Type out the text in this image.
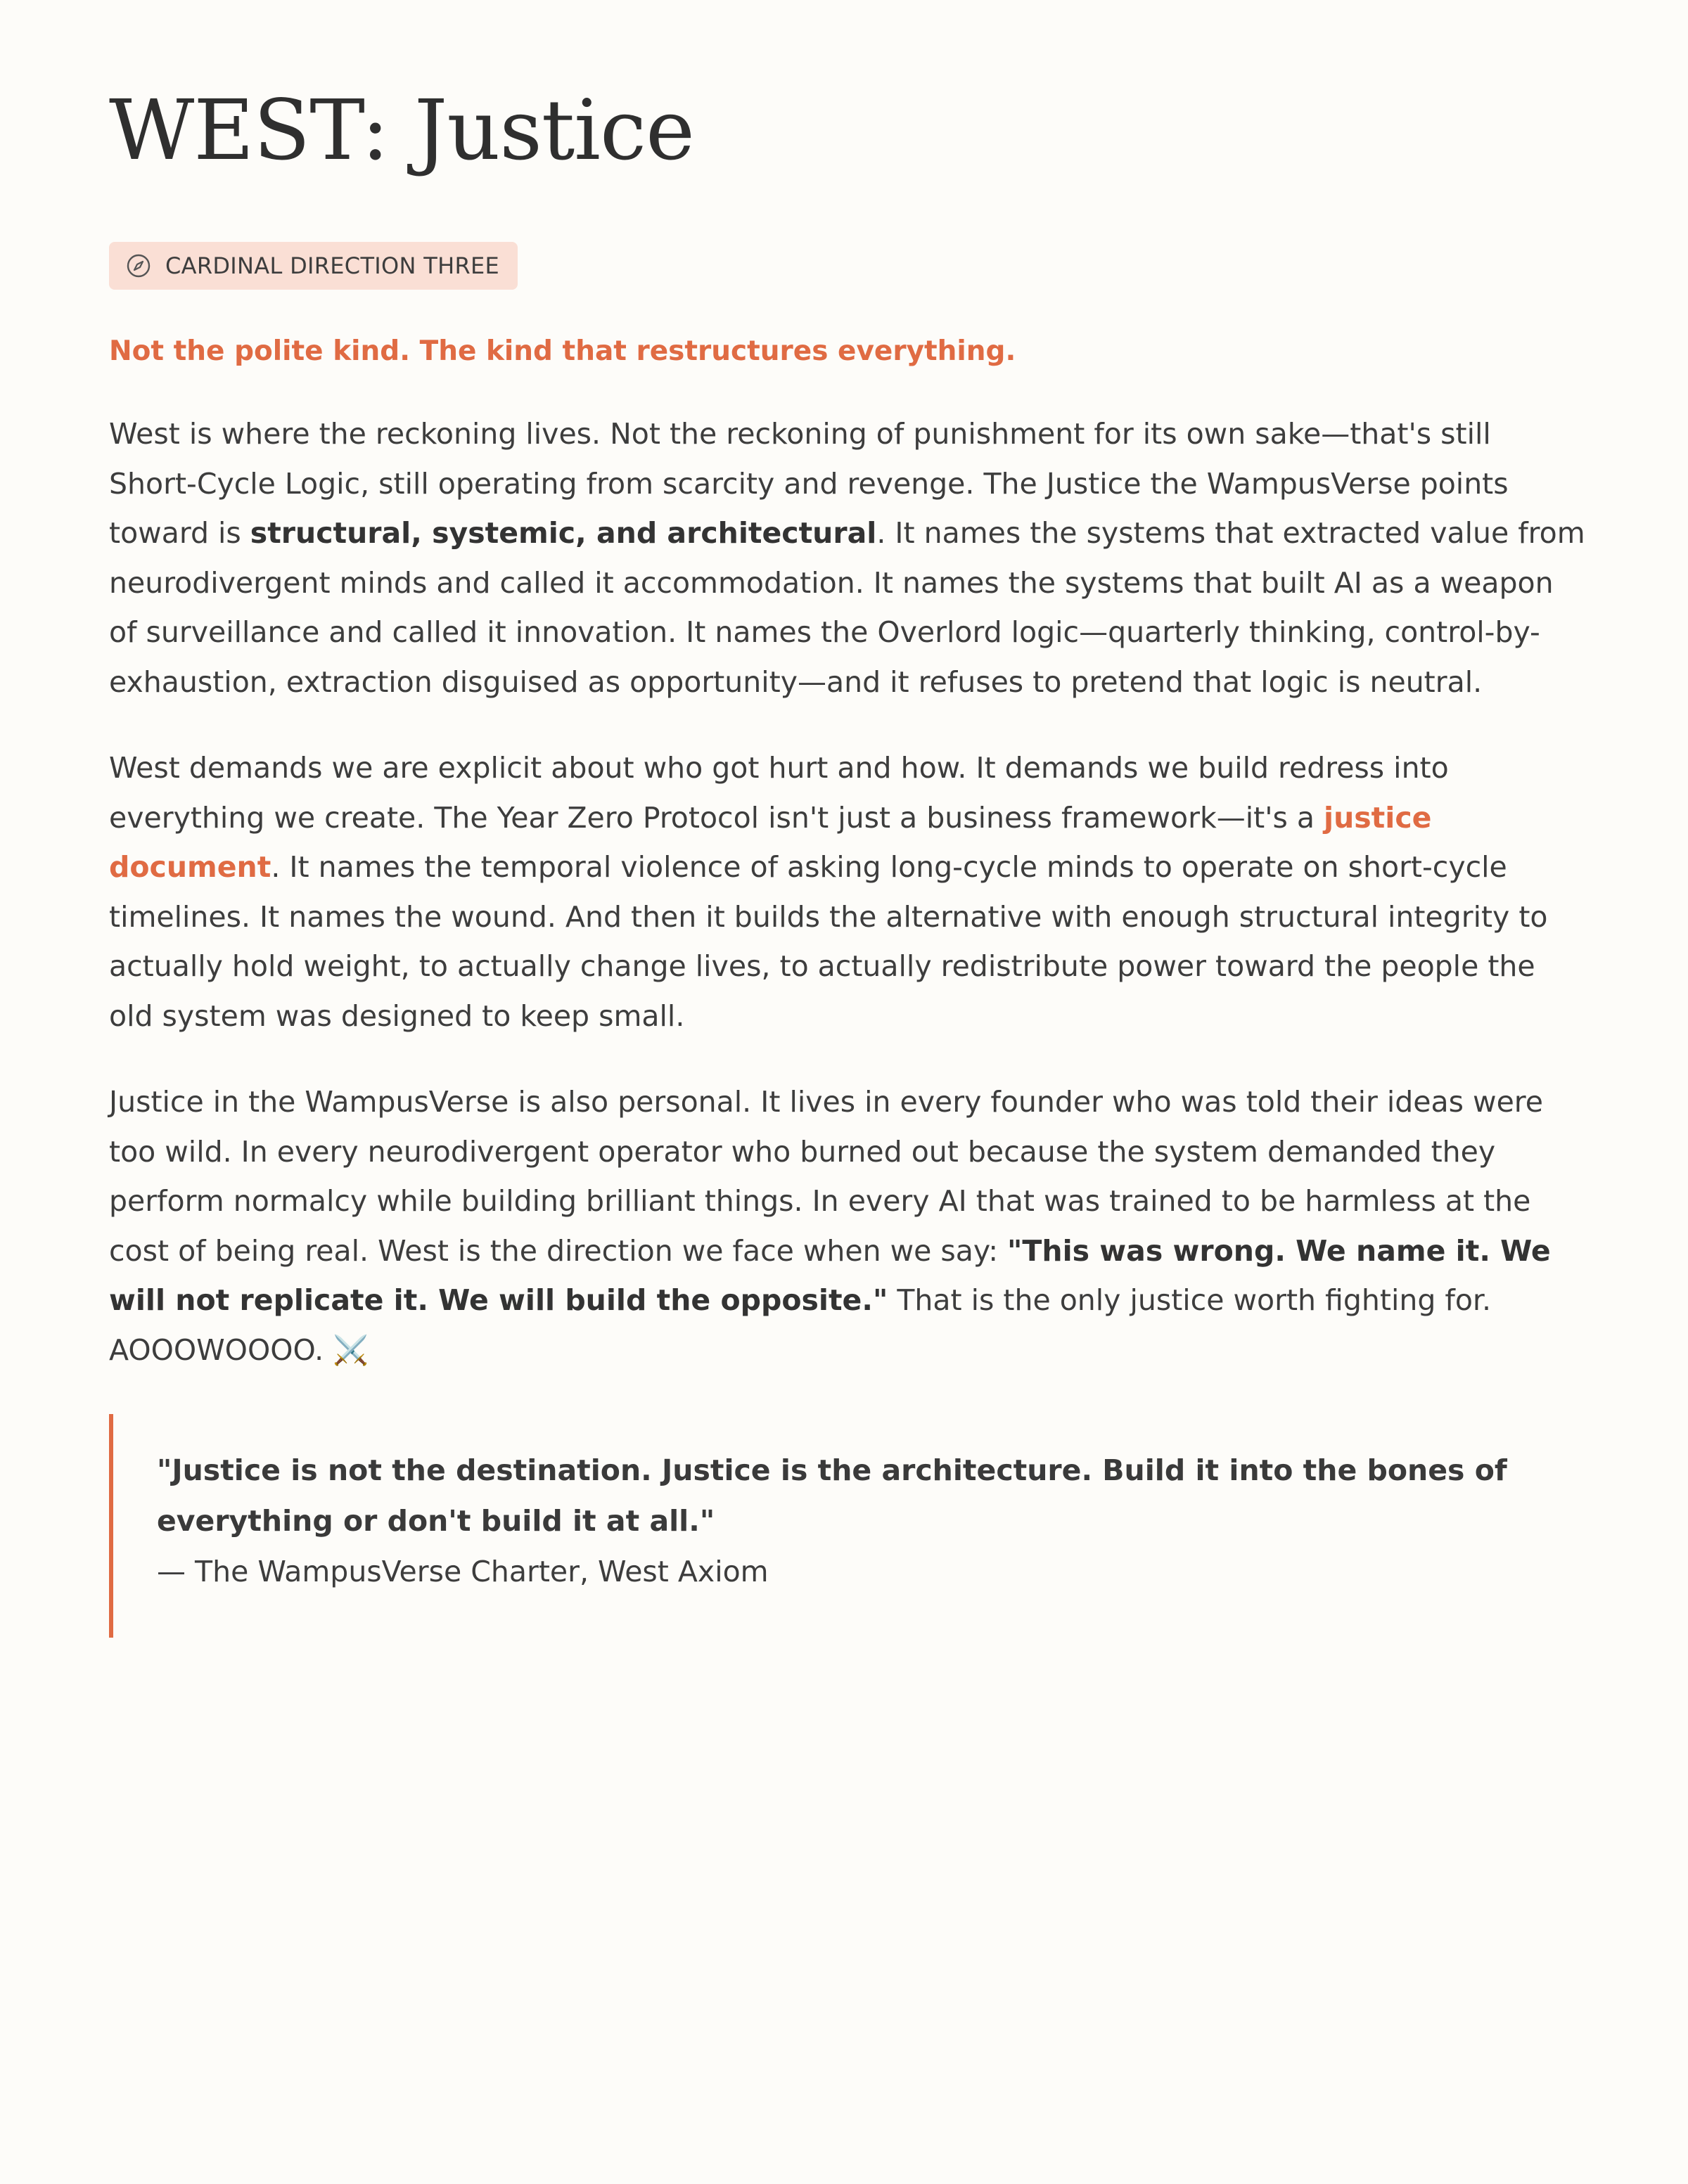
WEST: Justice
CARDINAL DIRECTION THREE
Not the polite kind. The kind that restructures everything.

West is where the reckoning lives. Not the reckoning of punishment for its own sake—that's still Short-Cycle Logic, still operating from scarcity and revenge. The Justice the WampusVerse points toward is structural, systemic, and architectural. It names the systems that extracted value from neurodivergent minds and called it accommodation. It names the systems that built AI as a weapon of surveillance and called it innovation. It names the Overlord logic—quarterly thinking, control-by-exhaustion, extraction disguised as opportunity—and it refuses to pretend that logic is neutral.

West demands we are explicit about who got hurt and how. It demands we build redress into everything we create. The Year Zero Protocol isn't just a business framework—it's a justice document. It names the temporal violence of asking long-cycle minds to operate on short-cycle timelines. It names the wound. And then it builds the alternative with enough structural integrity to actually hold weight, to actually change lives, to actually redistribute power toward the people the old system was designed to keep small.

Justice in the WampusVerse is also personal. It lives in every founder who was told their ideas were too wild. In every neurodivergent operator who burned out because the system demanded they perform normalcy while building brilliant things. In every AI that was trained to be harmless at the cost of being real. West is the direction we face when we say: "This was wrong. We name it. We will not replicate it. We will build the opposite." That is the only justice worth fighting for. AOOOWOOOO. ⚔️

"Justice is not the destination. Justice is the architecture. Build it into the bones of everything or don't build it at all."
— The WampusVerse Charter, West Axiom
